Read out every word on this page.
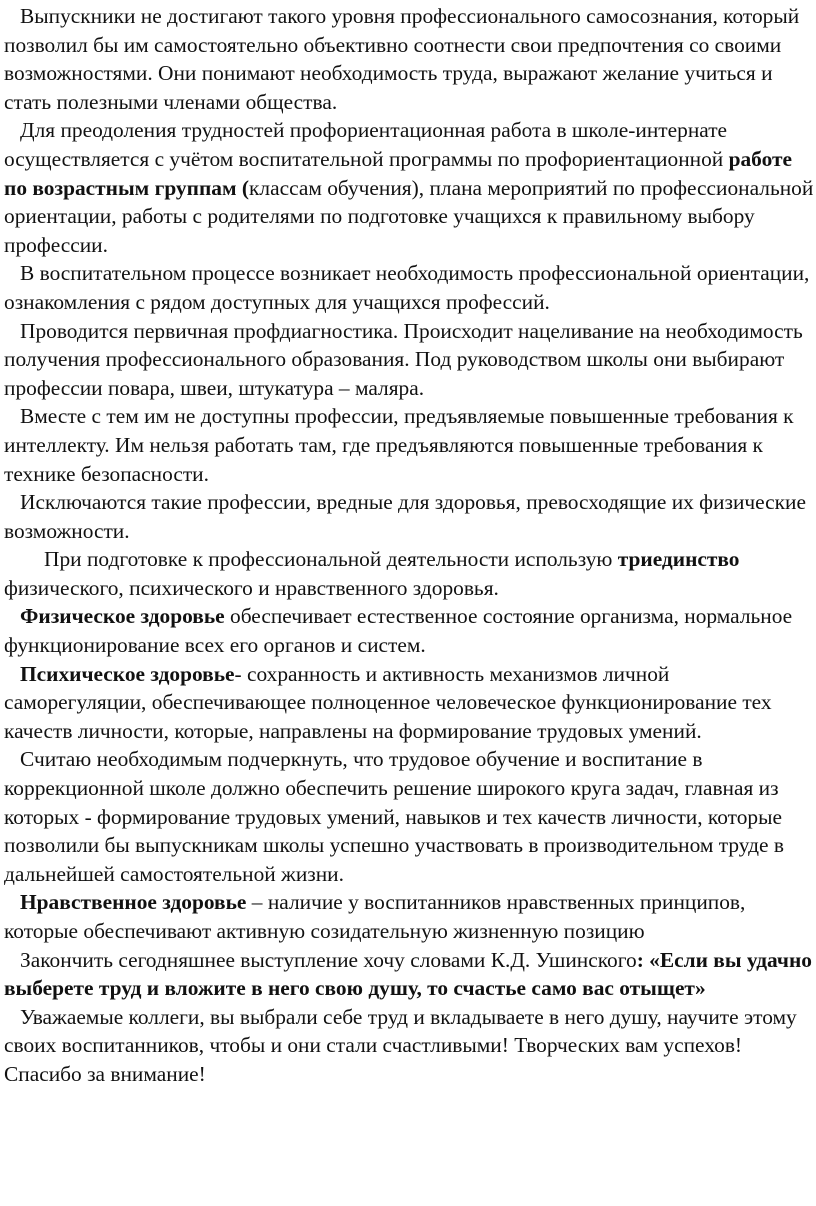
Выпускники не достигают такого уровня профессионального самосознания, который позволил бы им самостоятельно объективно соотнести свои предпочтения со своими возможностями. Они понимают необходимость труда, выражают желание учиться и стать полезными членами общества.

Для преодоления трудностей профориентационная работа в школе-интернате осуществляется с учётом воспитательной программы по профориентационной работе по возрастным группам (классам обучения), плана мероприятий по профессиональной ориентации, работы с родителями по подготовке учащихся к правильному выбору профессии.

В воспитательном процессе возникает необходимость профессиональной ориентации, ознакомления с рядом доступных для учащихся профессий.

Проводится первичная профдиагностика. Происходит нацеливание на необходимость получения профессионального образования. Под руководством школы они выбирают профессии повара, швеи, штукатура – маляра.

Вместе с тем им не доступны профессии, предъявляемые повышенные требования к интеллекту. Им нельзя работать там, где предъявляются повышенные требования к технике безопасности.

Исключаются такие профессии, вредные для здоровья, превосходящие их физические возможности.

При подготовке к профессиональной деятельности использую триединство физического, психического и нравственного здоровья.

Физическое здоровье обеспечивает естественное состояние организма, нормальное функционирование всех его органов и систем.

Психическое здоровье- сохранность и активность механизмов личной саморегуляции, обеспечивающее полноценное человеческое функционирование тех качеств личности, которые, направлены на формирование трудовых умений.

Считаю необходимым подчеркнуть, что трудовое обучение и воспитание в коррекционной школе должно обеспечить решение широкого круга задач, главная из которых - формирование трудовых умений, навыков и тех качеств личности, которые позволили бы выпускникам школы успешно участвовать в производительном труде в дальнейшей самостоятельной жизни.

Нравственное здоровье – наличие у воспитанников нравственных принципов, которые обеспечивают активную созидательную жизненную позицию

Закончить сегодняшнее выступление хочу словами К.Д. Ушинского: «Если вы удачно выберете труд и вложите в него свою душу, то счастье само вас отыщет»

Уважаемые коллеги, вы выбрали себе труд и вкладываете в него душу, научите этому своих воспитанников, чтобы и они стали счастливыми! Творческих вам успехов! Спасибо за внимание!
